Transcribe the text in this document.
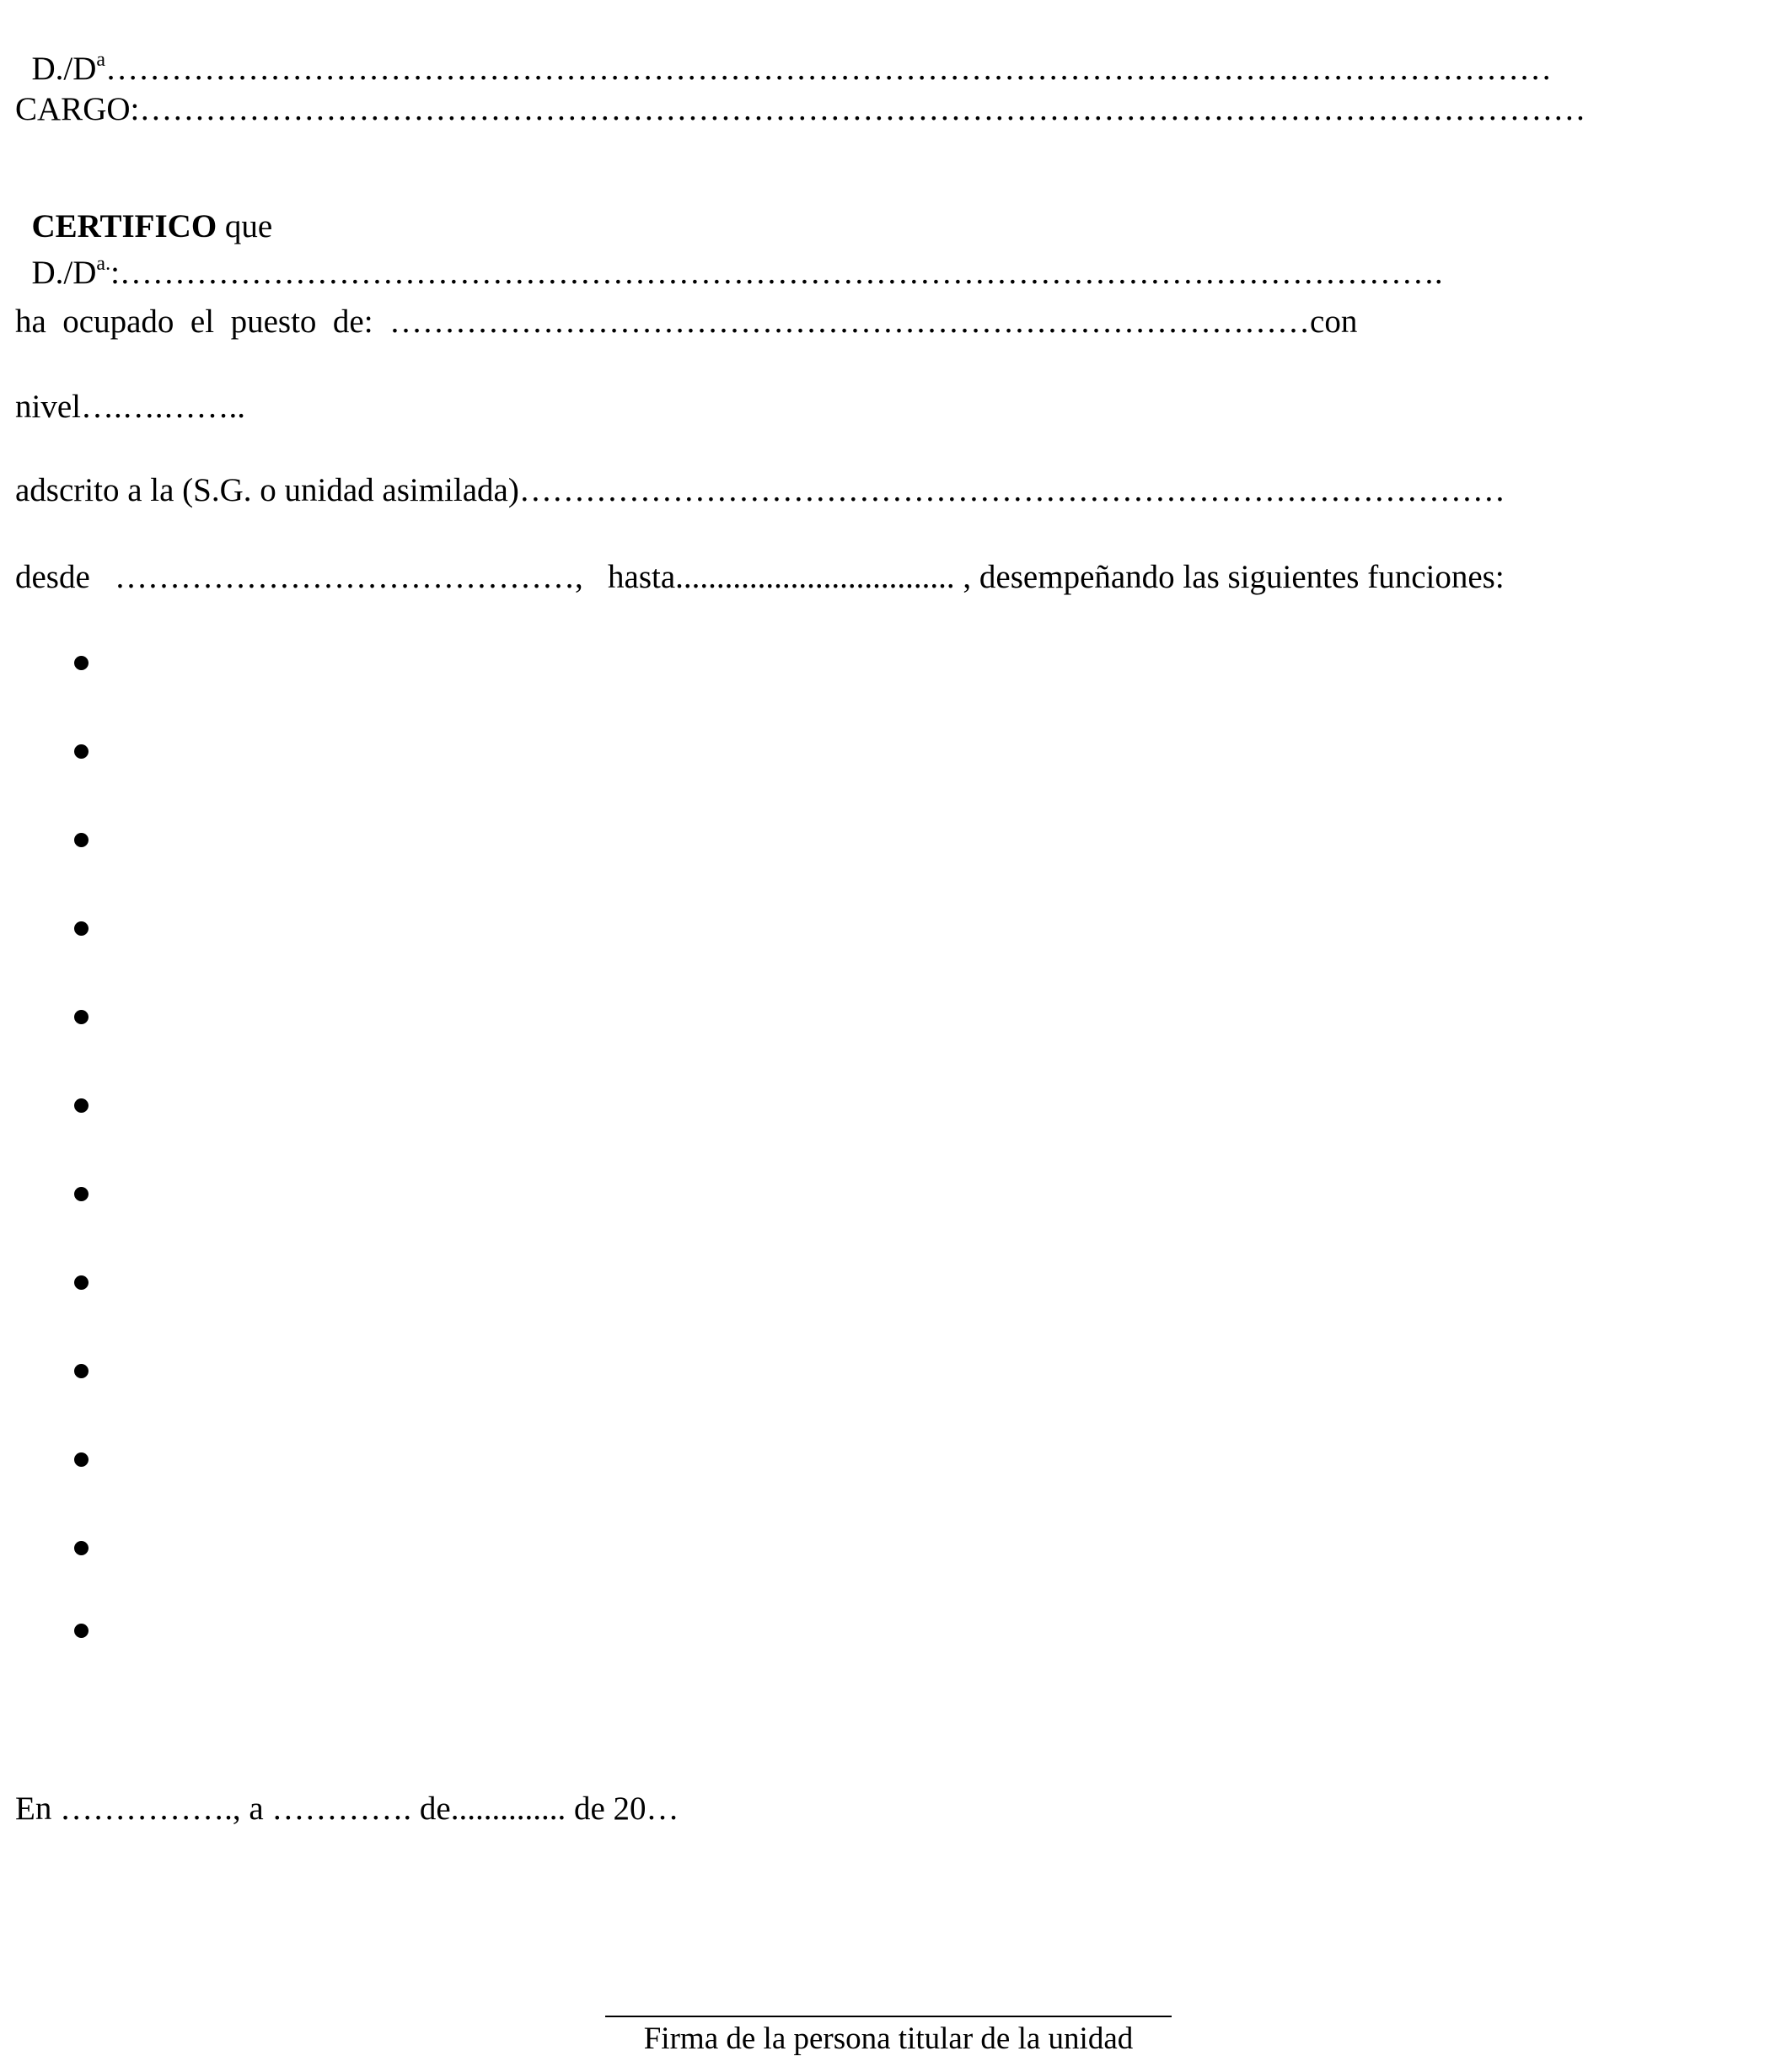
$D./D^a\dots\dots\dots\dots\dots\dots\dots\dots\dots\dots\dots\dots\dots\dots\dots\dots\dots\dots\dots\dots\dots\dots\dots\dots\dots\dots\dots\dots\dots\dots\dots\dots\dots\dots\dots\dots\dots\dots\dots\dots\dots\dots\dots\dots$

CARGO:……………………………………………………………………………………………………………………

CERTIFICO que

$D./D^{a.}:\dots\dots\dots\dots\dots\dots\dots\dots\dots\dots\dots\dots\dots\dots\dots\dots\dots\dots\dots\dots\dots\dots\dots\dots\dots\dots\dots\dots\dots\dots\dots\dots\dots\dots\dots\dots\dots\dots\dots\dots$.

ha  ocupado  el  puesto  de:  …………………………………………………………………………con
nivel….….……..
adscrito a la (S.G. o unidad asimilada)………………………………………………………………………………
desde   ……………………………………,   hasta.................................. , desempeñando las siguientes funciones:
En ……………., a …………. de.............. de 20…
Firma de la persona titular de la unidad
